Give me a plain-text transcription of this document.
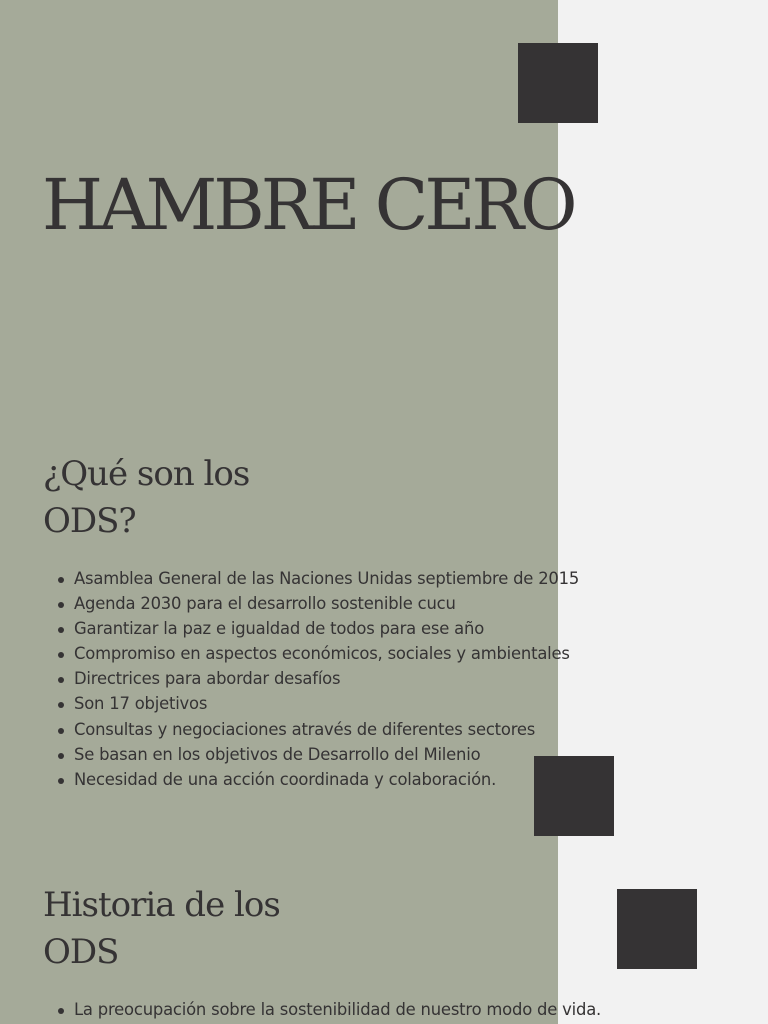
HAMBRE CERO
¿Qué son los
ODS?
Asamblea General de las Naciones Unidas septiembre de 2015
Agenda 2030 para el desarrollo sostenible cucu
Garantizar la paz e igualdad de todos para ese año
Compromiso en aspectos económicos, sociales y ambientales
Directrices para abordar desafíos
Son 17 objetivos
Consultas y negociaciones através de diferentes sectores
Se basan en los objetivos de Desarrollo del Milenio
Necesidad de una acción coordinada y colaboración.
Historia de los
ODS
La preocupación sobre la sostenibilidad de nuestro modo de vida.
